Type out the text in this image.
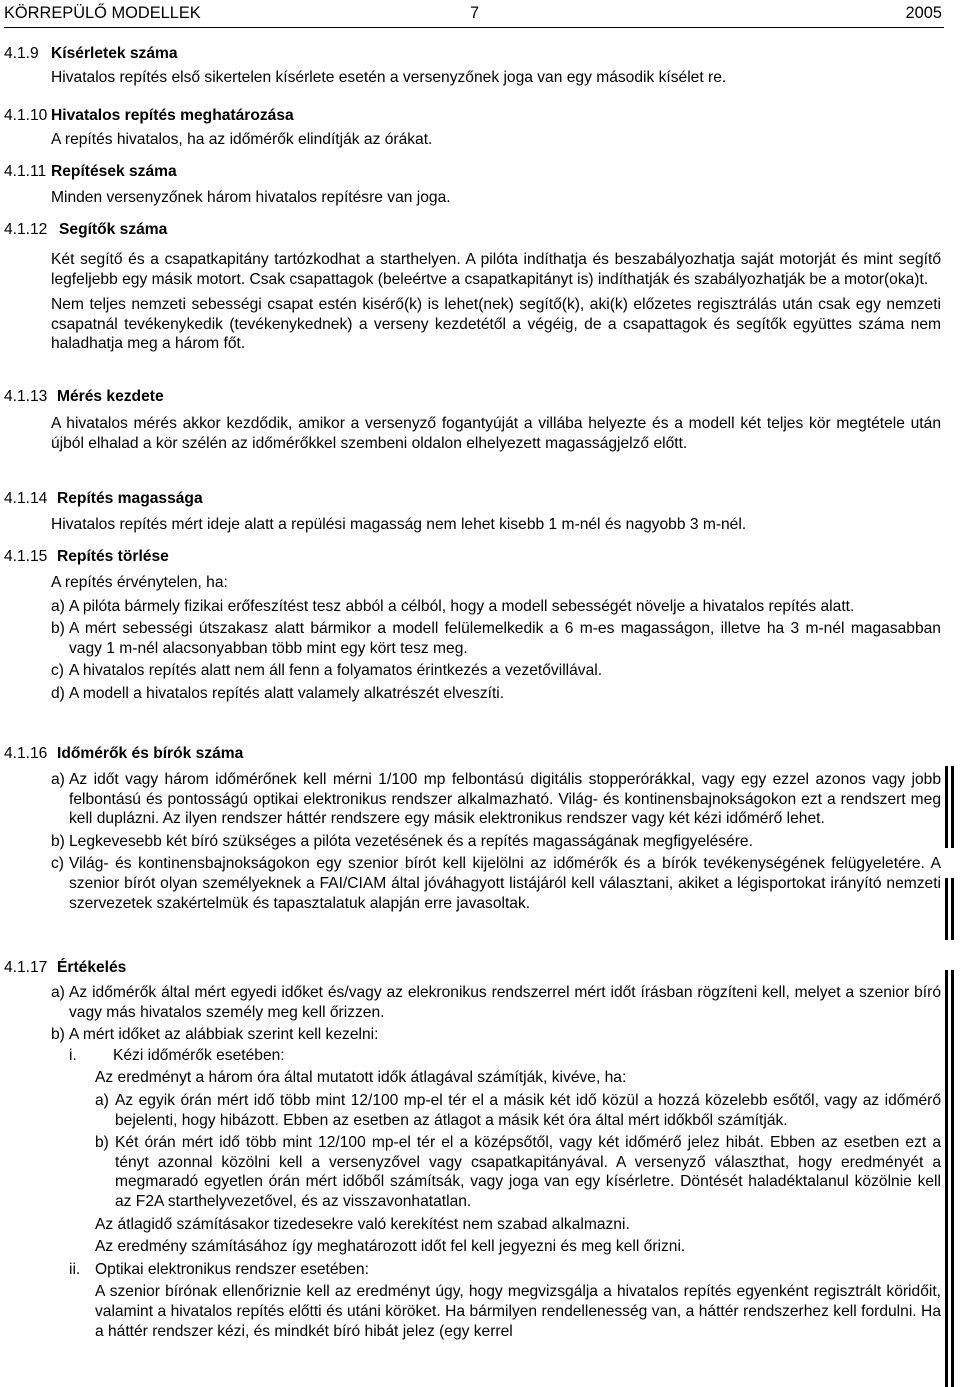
KÖRREPÜLŐ MODELLEK	7	2005
4.1.9 Kísérletek száma
Hivatalos repítés első sikertelen kísérlete esetén a versenyzőnek joga van egy második kísélet re.
4.1.10 Hivatalos repítés meghatározása
A repítés hivatalos, ha az időmérők elindítják az órákat.
4.1.11 Repítések száma
Minden versenyzőnek három hivatalos repítésre van joga.
4.1.12 Segítők száma

Két segítő és a csapatkapitány tartózkodhat a starthelyen. A pilóta indíthatja és beszabályozhatja saját motorját és mint segítő legfeljebb egy másik motort. Csak csapattagok (beleértve a csapatkapitányt is) indíthatják és szabályozhatják be a motor(oka)t.

Nem teljes nemzeti sebességi csapat estén kisérő(k) is lehet(nek) segítő(k), aki(k) előzetes regisztrálás után csak egy nemzeti csapatnál tevékenykedik (tevékenykednek) a verseny kezdetétől a végéig, de a csapattagok és segítők együttes száma nem haladhatja meg a három főt.

4.1.13 Mérés kezdete
A hivatalos mérés akkor kezdődik, amikor a versenyző fogantyúját a villába helyezte és a modell két teljes kör megtétele után újból elhalad a kör szélén az időmérőkkel szembeni oldalon elhelyezett magasságjelző előtt.
4.1.14 Repítés magassága
Hivatalos repítés mért ideje alatt a repülési magasság nem lehet kisebb 1 m-nél és nagyobb 3 m-nél.
4.1.15 Repítés törlése

A repítés érvénytelen, ha:

a) A pilóta bármely fizikai erőfeszítést tesz abból a célból, hogy a modell sebességét növelje a hivatalos repítés alatt.
b) A mért sebességi útszakasz alatt bármikor a modell felülemelkedik a 6 m-es magasságon, illetve ha 3 m-nél magasabban vagy 1 m-nél alacsonyabban több mint egy kört tesz meg.
c) A hivatalos repítés alatt nem áll fenn a folyamatos érintkezés a vezetővillával.
d) A modell a hivatalos repítés alatt valamely alkatrészét elveszíti.
4.1.16 Időmérők és bírók száma
a) Az időt vagy három időmérőnek kell mérni 1/100 mp felbontású digitális stopperórákkal, vagy egy ezzel azonos vagy jobb felbontású és pontosságú optikai elektronikus rendszer alkalmazható. Világ- és kontinensbajnokságokon ezt a rendszert meg kell duplázni. Az ilyen rendszer háttér rendszere egy másik elektronikus rendszer vagy két kézi időmérő lehet.
b) Legkevesebb két bíró szükséges a pilóta vezetésének és a repítés magasságának megfigyelésére.
c) Világ- és kontinensbajnokságokon egy szenior bírót kell kijelölni az időmérők és a bírók tevékenységének felügyeletére. A szenior bírót olyan személyeknek a FAI/CIAM által jóváhagyott listájáról kell választani, akiket a légisportokat irányító nemzeti szervezetek szakértelmük és tapasztalatuk alapján erre javasoltak.
4.1.17 Értékelés
a) Az időmérők által mért egyedi időket és/vagy az elekronikus rendszerrel mért időt írásban rögzíteni kell, melyet a szenior bíró vagy más hivatalos személy meg kell őrizzen.
b) A mért időket az alábbiak szerint kell kezelni:
i.	Kézi időmérők esetében:

Az eredményt a három óra által mutatott idők átlagával számítják, kivéve, ha:

a) Az egyik órán mért idő több mint 12/100 mp-el tér el a másik két idő közül a hozzá közelebb esőtől, vagy az időmérő bejelenti, hogy hibázott. Ebben az esetben az átlagot a másik két óra által mért időkből számítják.
b) Két órán mért idő több mint 12/100 mp-el tér el a középsőtől, vagy két időmérő jelez hibát. Ebben az esetben ezt a tényt azonnal közölni kell a versenyzővel vagy csapatkapitányával. A versenyző választhat, hogy eredményét a megmaradó egyetlen órán mért időből számítsák, vagy joga van egy kísérletre. Döntését haladéktalanul közölnie kell az F2A starthelyvezetővel, és az visszavonhatatlan.

Az átlagidő számításakor tizedesekre való kerekítést nem szabad alkalmazni.

Az eredmény számításához így meghatározott időt fel kell jegyezni és meg kell őrizni.

ii. Optikai elektronikus rendszer esetében:

A szenior bírónak ellenőriznie kell az eredményt úgy, hogy megvizsgálja a hivatalos repítés egyenként regisztrált köridőit, valamint a hivatalos repítés előtti és utáni köröket. Ha bármilyen rendellenesség van, a háttér rendszerhez kell fordulni. Ha a háttér rendszer kézi, és mindkét bíró hibát jelez (egy kerrel
